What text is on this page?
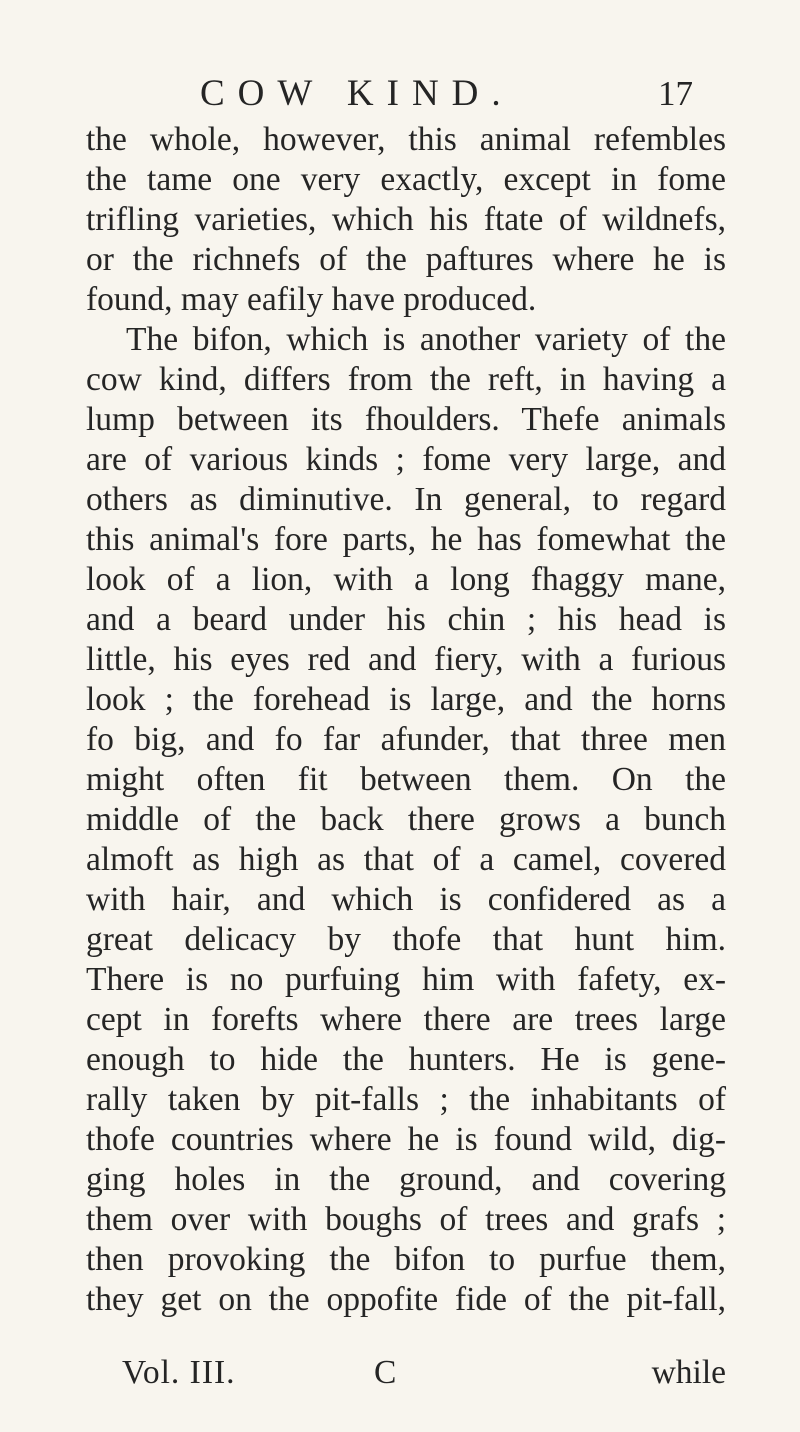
COW KIND.	17
the whole, however, this animal refembles
the tame one very exactly, except in fome
trifling varieties, which his ftate of wildnefs,
or the richnefs of the paftures where he is
found, may eafily have produced.
The bifon, which is another variety of the
cow kind, differs from the reft, in having a
lump between its fhoulders. Thefe animals
are of various kinds ; fome very large, and
others as diminutive. In general, to regard
this animal's fore parts, he has fomewhat the
look of a lion, with a long fhaggy mane,
and a beard under his chin ; his head is
little, his eyes red and fiery, with a furious
look ; the forehead is large, and the horns
fo big, and fo far afunder, that three men
might often fit between them. On the
middle of the back there grows a bunch
almoft as high as that of a camel, covered
with hair, and which is confidered as a
great delicacy by thofe that hunt him.
There is no purfuing him with fafety, ex-
cept in forefts where there are trees large
enough to hide the hunters. He is gene-
rally taken by pit-falls ; the inhabitants of
thofe countries where he is found wild, dig-
ging holes in the ground, and covering
them over with boughs of trees and grafs ;
then provoking the bifon to purfue them,
they get on the oppofite fide of the pit-fall,
Vol. III.	C	while
